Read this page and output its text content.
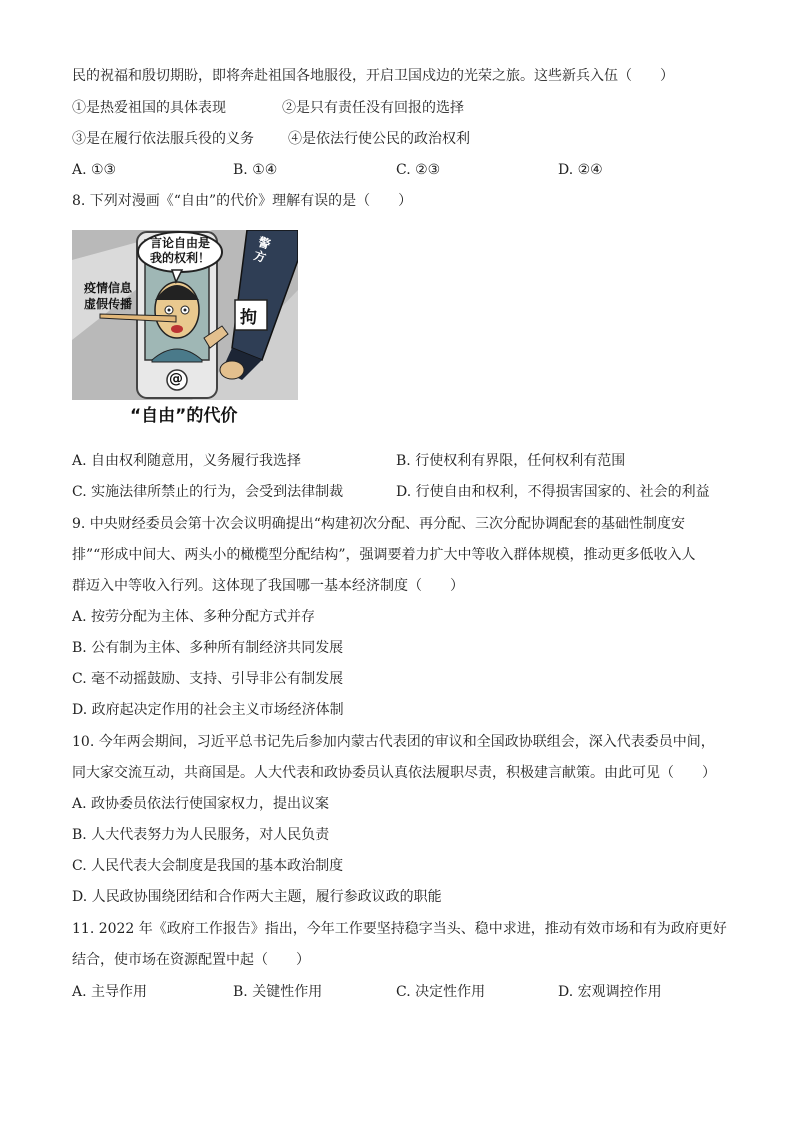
民的祝福和殷切期盼，即将奔赴祖国各地服役，开启卫国戍边的光荣之旅。这些新兵入伍（　　）
①是热爱祖国的具体表现	②是只有责任没有回报的选择
③是在履行依法服兵役的义务 ④是依法行使公民的政治权利
A. ①③	B. ①④	C. ②③	D. ②④
8. 下列对漫画《“自由”的代价》理解有误的是（　　）
言论自由是
我的权利！
疫情信息
虚假传播
警
方
拘
@
“自由”的代价
A. 自由权利随意用，义务履行我选择	B. 行使权利有界限，任何权利有范围
C. 实施法律所禁止的行为，会受到法律制裁	D. 行使自由和权利，不得损害国家的、社会的利益
9. 中央财经委员会第十次会议明确提出“构建初次分配、再分配、三次分配协调配套的基础性制度安
排”“形成中间大、两头小的橄榄型分配结构”，强调要着力扩大中等收入群体规模，推动更多低收入人
群迈入中等收入行列。这体现了我国哪一基本经济制度（　　）
A. 按劳分配为主体、多种分配方式并存
B. 公有制为主体、多种所有制经济共同发展
C. 毫不动摇鼓励、支持、引导非公有制发展
D. 政府起决定作用的社会主义市场经济体制
10. 今年两会期间，习近平总书记先后参加内蒙古代表团的审议和全国政协联组会，深入代表委员中间，
同大家交流互动，共商国是。人大代表和政协委员认真依法履职尽责，积极建言献策。由此可见（　　）
A. 政协委员依法行使国家权力，提出议案
B. 人大代表努力为人民服务，对人民负责
C. 人民代表大会制度是我国的基本政治制度
D. 人民政协围绕团结和合作两大主题，履行参政议政的职能
11. 2022 年《政府工作报告》指出，今年工作要坚持稳字当头、稳中求进，推动有效市场和有为政府更好
结合，使市场在资源配置中起（　　）
A. 主导作用	B. 关键性作用	C. 决定性作用	D. 宏观调控作用
